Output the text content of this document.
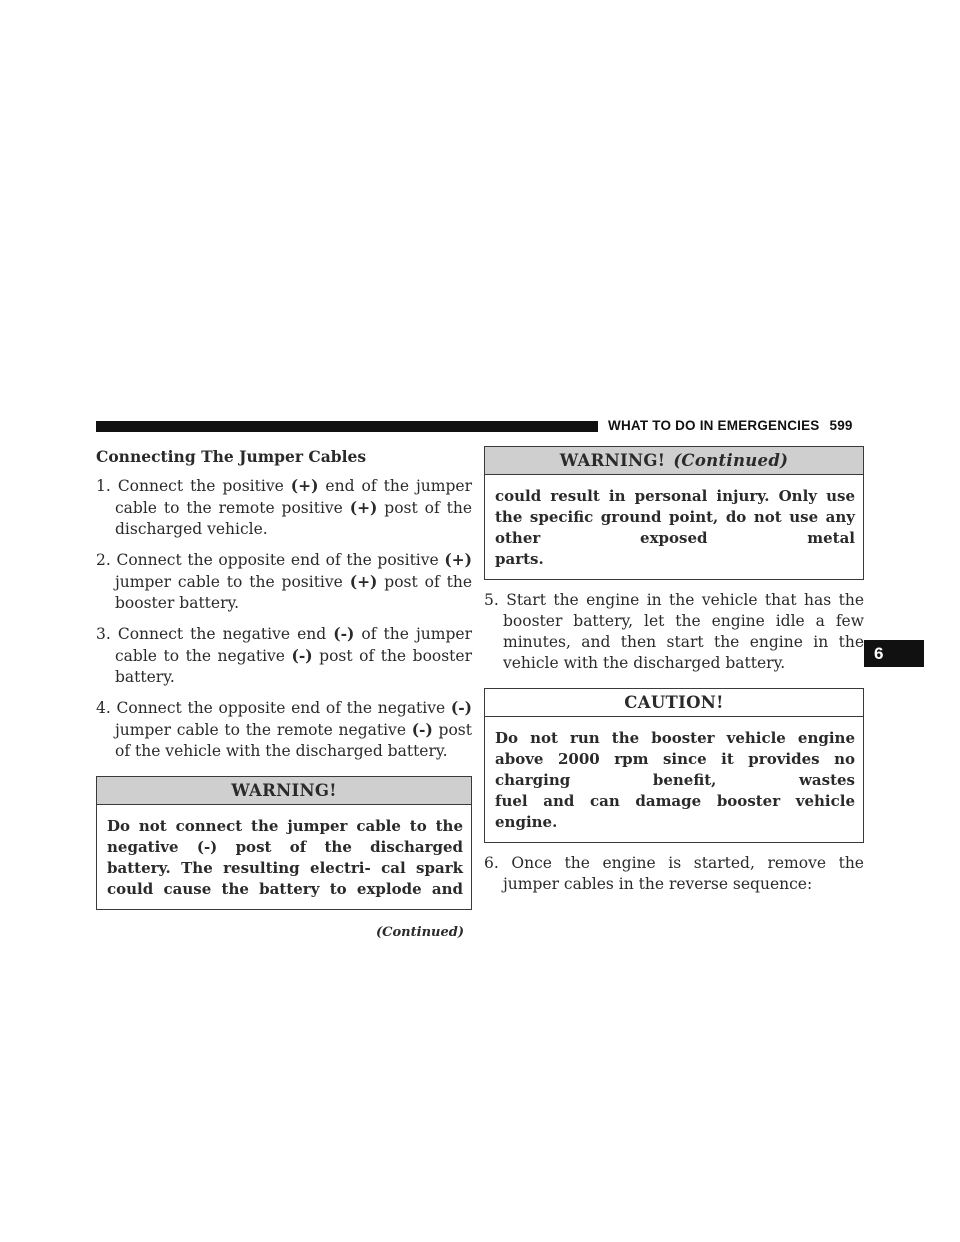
WHAT TO DO IN EMERGENCIES 599
6
Connecting The Jumper Cables
1. Connect the positive (+) end of the jumper cable to the remote positive (+) post of the discharged vehicle.
2. Connect the opposite end of the positive (+) jumper cable to the positive (+) post of the booster battery.
3. Connect the negative end (-) of the jumper cable to the negative (-) post of the booster battery.
4. Connect the opposite end of the negative (-) jumper cable to the remote negative (-) post of the vehicle with the discharged battery.
WARNING!
Do not connect the jumper cable to the negative (-) post of the discharged battery. The resulting electri- cal spark could cause the battery to explode and
(Continued)
WARNING! (Continued)
could result in personal injury. Only use the specific ground point, do not use any other exposed metal
parts.
5. Start the engine in the vehicle that has the booster battery, let the engine idle a few minutes, and then start the engine in the vehicle with the discharged battery.
CAUTION!
Do not run the booster vehicle engine above 2000 rpm since it provides no charging benefit, wastes
fuel and can damage booster vehicle engine.
6. Once the engine is started, remove the jumper cables in the reverse sequence:
